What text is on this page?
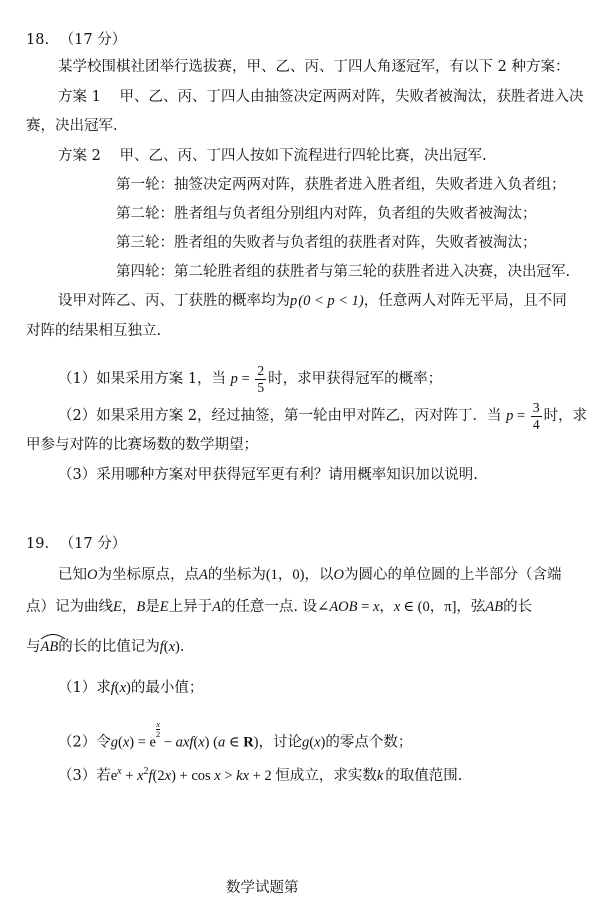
18. （17 分）
某学校围棋社团举行选拔赛，甲、乙、丙、丁四人角逐冠军，有以下 2 种方案：
方案 1 甲、乙、丙、丁四人由抽签决定两两对阵，失败者被淘汰，获胜者进入决
赛，决出冠军.
方案 2 甲、乙、丙、丁四人按如下流程进行四轮比赛，决出冠军.
第一轮：抽签决定两两对阵，获胜者进入胜者组，失败者进入负者组；
第二轮：胜者组与负者组分别组内对阵，负者组的失败者被淘汰；
第三轮：胜者组的失败者与负者组的获胜者对阵，失败者被淘汰；
第四轮：第二轮胜者组的获胜者与第三轮的获胜者进入决赛，决出冠军.
设甲对阵乙、丙、丁获胜的概率均为p(0 < p < 1)，任意两人对阵无平局，且不同
对阵的结果相互独立.
（1）如果采用方案 1，当 $p = \frac{2}{5}$ 时，求甲获得冠军的概率；
（2）如果采用方案 2，经过抽签，第一轮由甲对阵乙，丙对阵丁．当 $p = \frac{3}{4}$ 时，求
甲参与对阵的比赛场数的数学期望；
（3）采用哪种方案对甲获得冠军更有利？请用概率知识加以说明.
19. （17 分）
已知O为坐标原点，点A的坐标为(1，0)，以O为圆心的单位圆的上半部分（含端
点）记为曲线E，B是E上异于A的任意一点. 设∠AOB = x，x ∈ (0，π]，弦AB的长
与
AB的长的比值记为f(x).
（1）求f(x)的最小值；
（2）令g(x) = e
$\frac{x}{2}$
− axf(x) (a ∈ R)，讨论g(x)的零点个数；
（3）若$e^x + x^2f(2x) + \cos x$ > kx + 2 恒成立，求实数k 的取值范围.
数学试题第
